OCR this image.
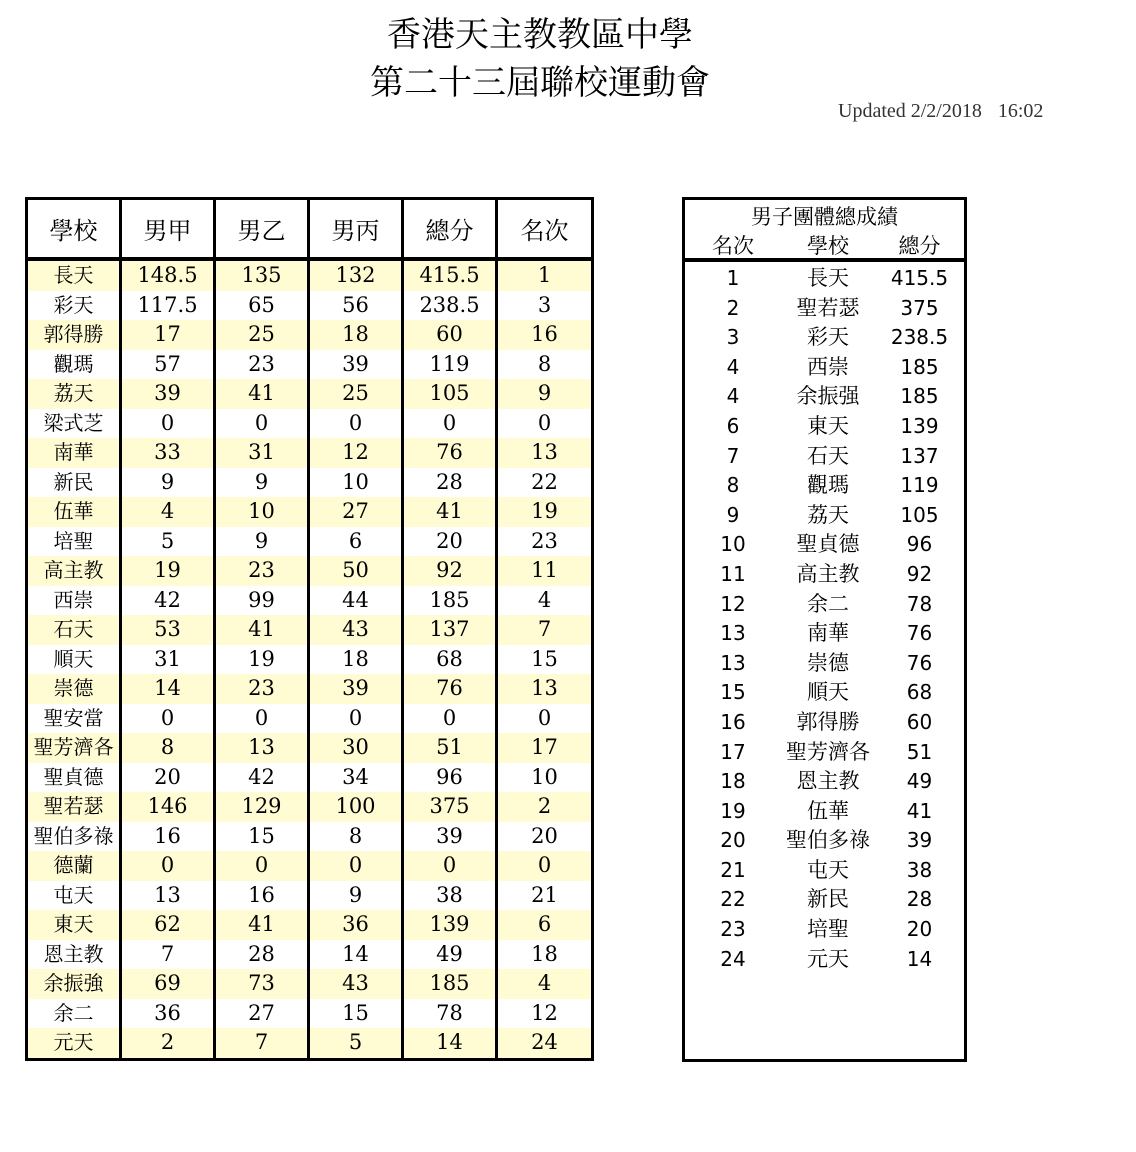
香港天主教教區中學
第二十三屆聯校運動會
Updated 2/2/2018 16:02
學校	男甲	男乙	男丙	總分	名次
長天	148.5	135	132	415.5	1
彩天	117.5	65	56	238.5	3
郭得勝	17	25	18	60	16
觀瑪	57	23	39	119	8
荔天	39	41	25	105	9
梁式芝	0	0	0	0	0
南華	33	31	12	76	13
新民	9	9	10	28	22
伍華	4	10	27	41	19
培聖	5	9	6	20	23
高主教	19	23	50	92	11
西崇	42	99	44	185	4
石天	53	41	43	137	7
順天	31	19	18	68	15
崇德	14	23	39	76	13
聖安當	0	0	0	0	0
聖芳濟各	8	13	30	51	17
聖貞德	20	42	34	96	10
聖若瑟	146	129	100	375	2
聖伯多祿	16	15	8	39	20
德蘭	0	0	0	0	0
屯天	13	16	9	38	21
東天	62	41	36	139	6
恩主教	7	28	14	49	18
余振強	69	73	43	185	4
余二	36	27	15	78	12
元天	2	7	5	14	24
男子團體總成績
名次	學校	總分
1	長天	415.5
2	聖若瑟	375
3	彩天	238.5
4	西崇	185
4	余振强	185
6	東天	139
7	石天	137
8	觀瑪	119
9	荔天	105
10	聖貞德	96
11	高主教	92
12	余二	78
13	南華	76
13	崇德	76
15	順天	68
16	郭得勝	60
17	聖芳濟各	51
18	恩主教	49
19	伍華	41
20	聖伯多祿	39
21	屯天	38
22	新民	28
23	培聖	20
24	元天	14
